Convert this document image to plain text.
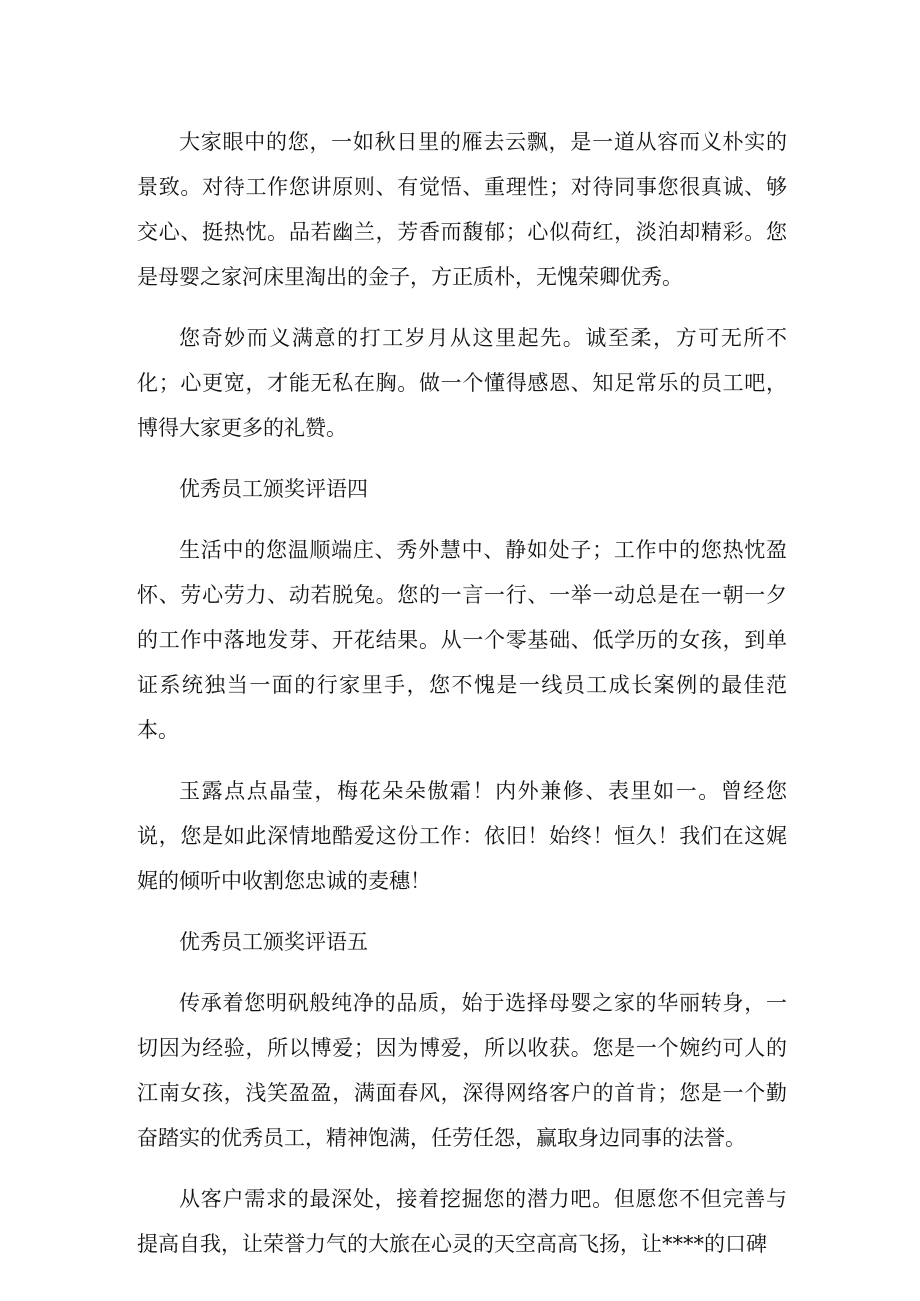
大家眼中的您，一如秋日里的雁去云飘，是一道从容而义朴实的景致。对待工作您讲原则、有觉悟、重理性；对待同事您很真诚、够交心、挺热忱。品若幽兰，芳香而馥郁；心似荷红，淡泊却精彩。您是母婴之家河床里淘出的金子，方正质朴，无愧荣卿优秀。

您奇妙而义满意的打工岁月从这里起先。诚至柔，方可无所不化；心更宽，才能无私在胸。做一个懂得感恩、知足常乐的员工吧，博得大家更多的礼赞。

优秀员工颁奖评语四

生活中的您温顺端庄、秀外慧中、静如处子；工作中的您热忱盈怀、劳心劳力、动若脱兔。您的一言一行、一举一动总是在一朝一夕的工作中落地发芽、开花结果。从一个零基础、低学历的女孩，到单证系统独当一面的行家里手，您不愧是一线员工成长案例的最佳范本。

玉露点点晶莹，梅花朵朵傲霜！内外兼修、表里如一。曾经您说，您是如此深情地酷爱这份工作：依旧！始终！恒久！我们在这娓娓的倾听中收割您忠诚的麦穗！

优秀员工颁奖评语五

传承着您明矾般纯净的品质，始于选择母婴之家的华丽转身，一切因为经验，所以博爱；因为博爱，所以收获。您是一个婉约可人的江南女孩，浅笑盈盈，满面春风，深得网络客户的首肯；您是一个勤奋踏实的优秀员工，精神饱满，任劳任怨，赢取身边同事的法誉。

从客户需求的最深处，接着挖掘您的潜力吧。但愿您不但完善与提高自我，让荣誉力气的大旅在心灵的天空高高飞扬，让****的口碑
